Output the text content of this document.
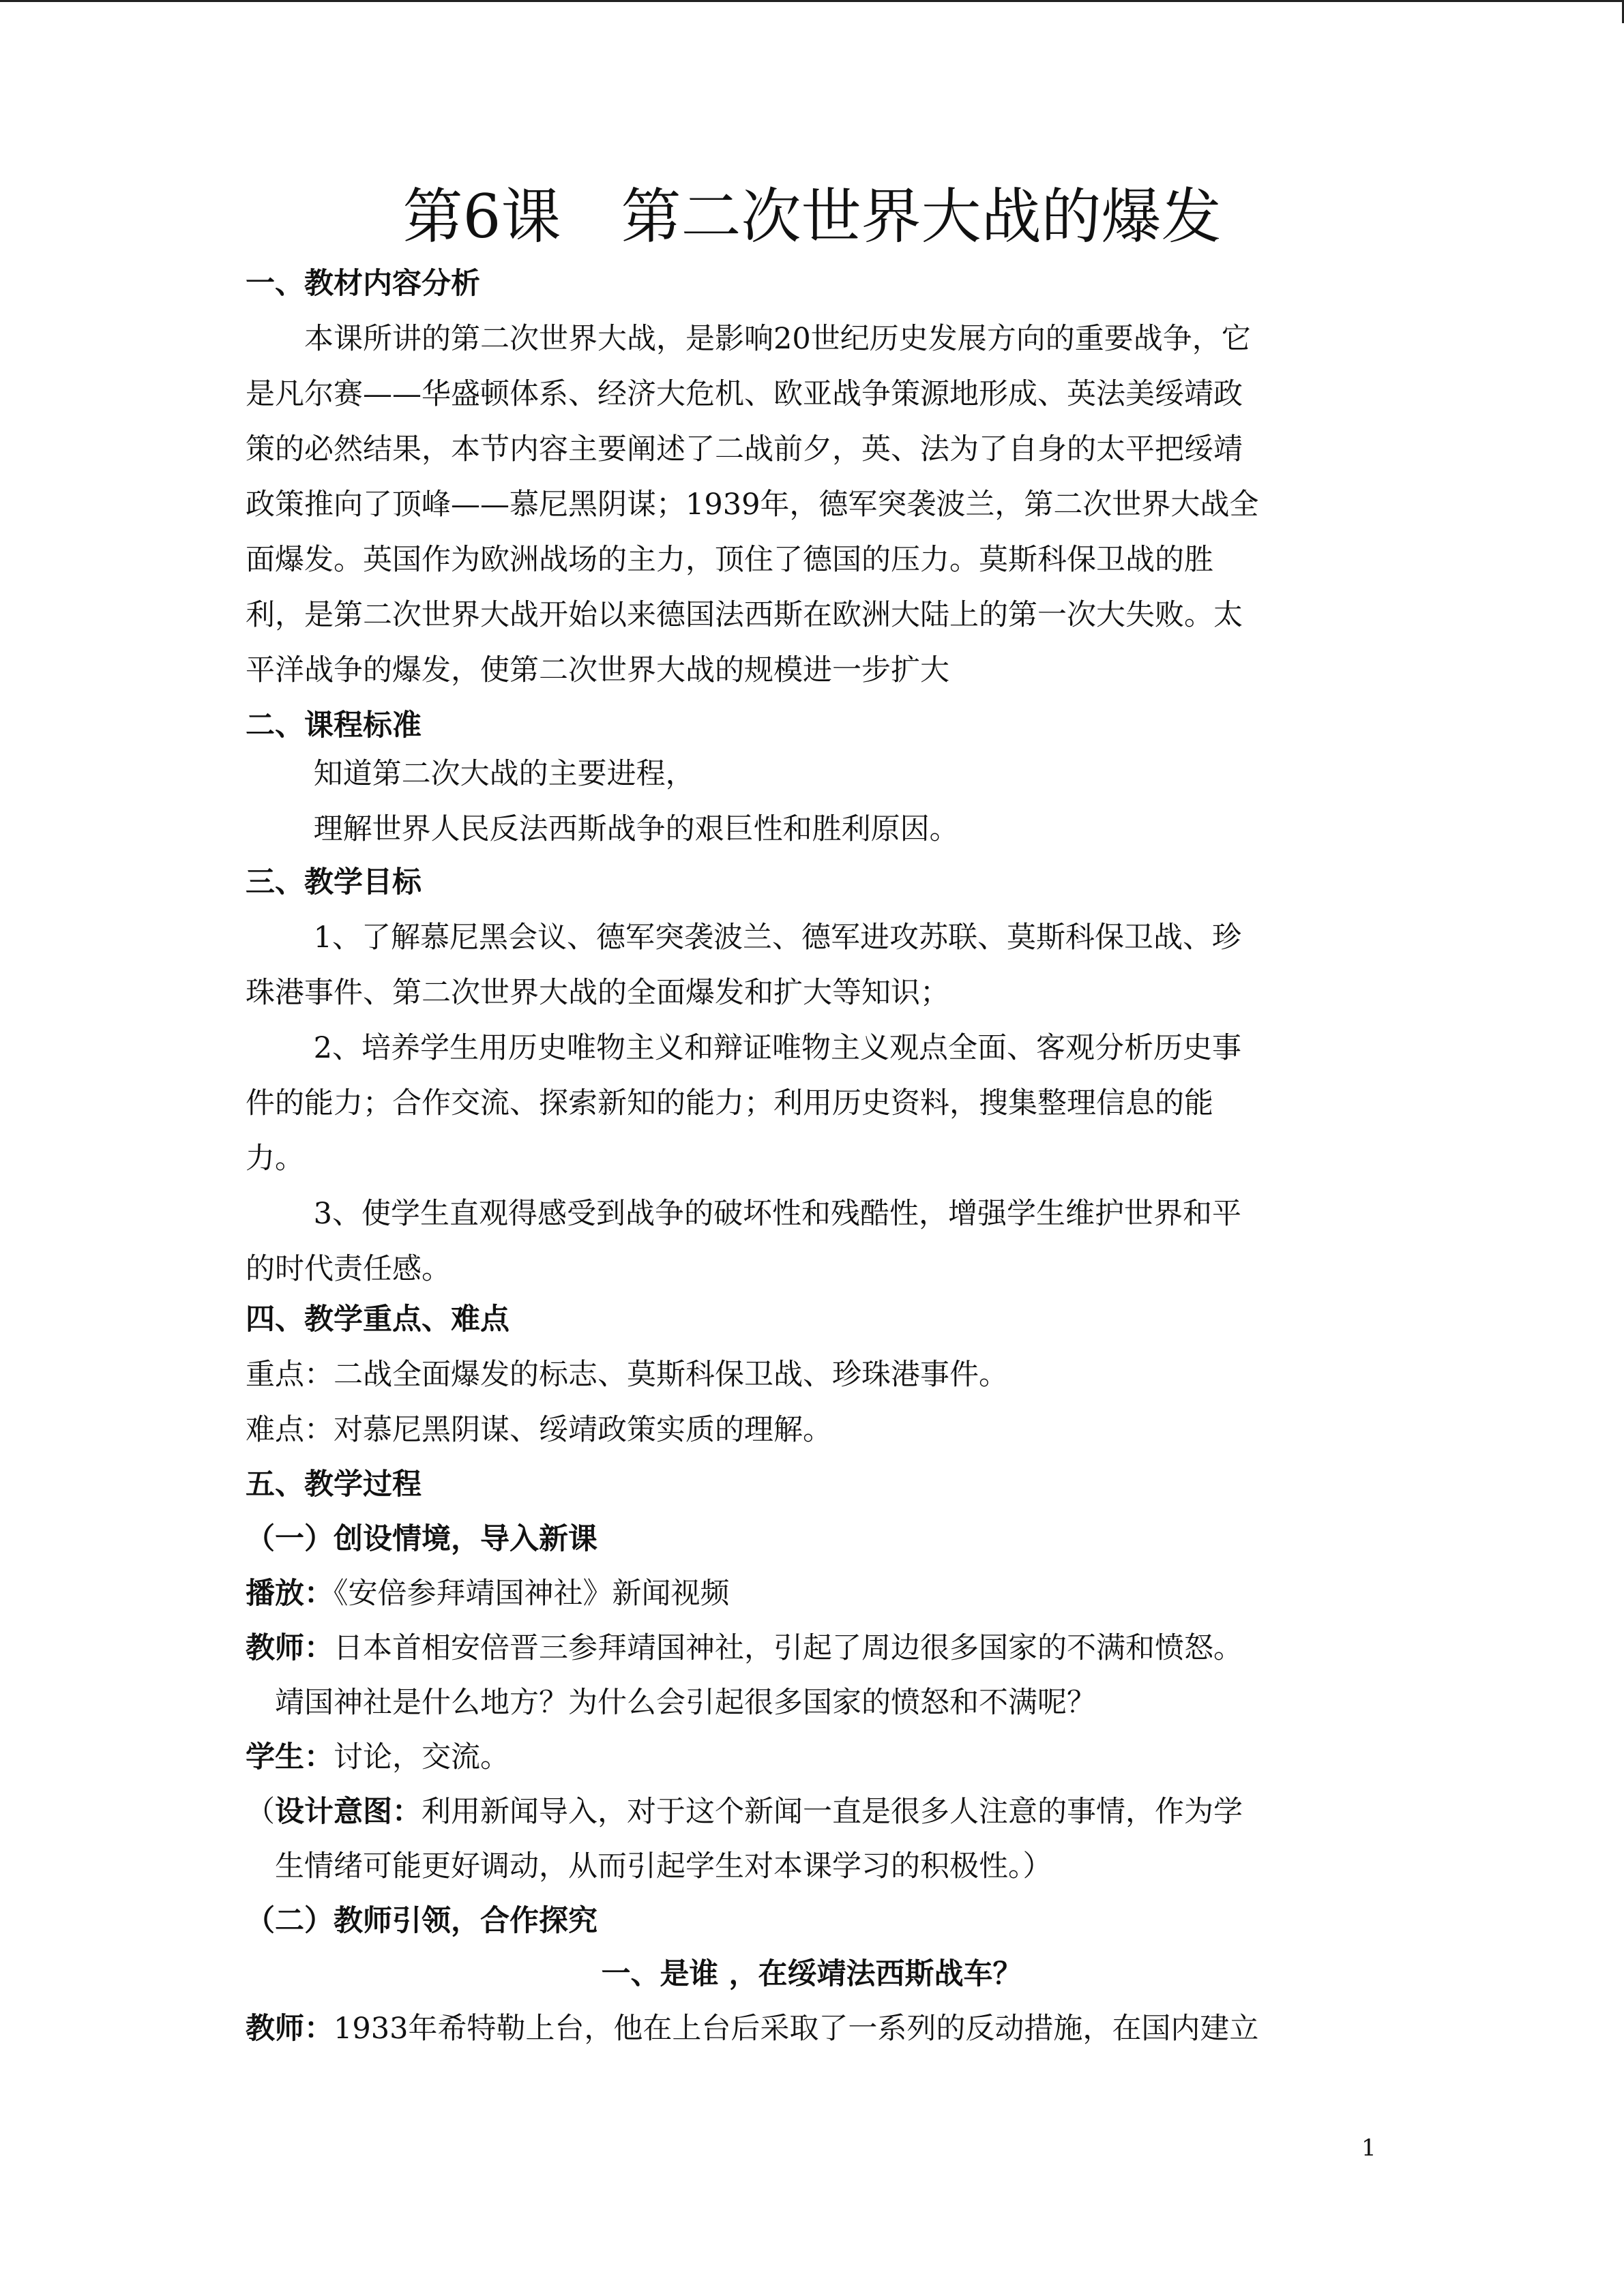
第6课　第二次世界大战的爆发
一、教材内容分析
　　本课所讲的第二次世界大战，是影响20世纪历史发展方向的重要战争，它
是凡尔赛——华盛顿体系、经济大危机、欧亚战争策源地形成、英法美绥靖政
策的必然结果，本节内容主要阐述了二战前夕，英、法为了自身的太平把绥靖
政策推向了顶峰——慕尼黑阴谋；1939年，德军突袭波兰，第二次世界大战全
面爆发。英国作为欧洲战场的主力，顶住了德国的压力。莫斯科保卫战的胜
利，是第二次世界大战开始以来德国法西斯在欧洲大陆上的第一次大失败。太
平洋战争的爆发，使第二次世界大战的规模进一步扩大
二、课程标准
　　 知道第二次大战的主要进程，
　　 理解世界人民反法西斯战争的艰巨性和胜利原因。
三、教学目标
　　 1、了解慕尼黑会议、德军突袭波兰、德军进攻苏联、莫斯科保卫战、珍
珠港事件、第二次世界大战的全面爆发和扩大等知识；
　　 2、培养学生用历史唯物主义和辩证唯物主义观点全面、客观分析历史事
件的能力；合作交流、探索新知的能力；利用历史资料，搜集整理信息的能
力。
　　 3、使学生直观得感受到战争的破坏性和残酷性，增强学生维护世界和平
的时代责任感。
四、教学重点、难点
重点：二战全面爆发的标志、莫斯科保卫战、珍珠港事件。
难点：对慕尼黑阴谋、绥靖政策实质的理解。
五、教学过程
（一）创设情境，导入新课
播放：《安倍参拜靖国神社》新闻视频
教师：日本首相安倍晋三参拜靖国神社，引起了周边很多国家的不满和愤怒。
　靖国神社是什么地方？为什么会引起很多国家的愤怒和不满呢？
学生：讨论，交流。
（设计意图：利用新闻导入，对于这个新闻一直是很多人注意的事情，作为学
　生情绪可能更好调动，从而引起学生对本课学习的积极性。）
（二）教师引领，合作探究
一、是谁 ，在绥靖法西斯战车？
教师：1933年希特勒上台，他在上台后采取了一系列的反动措施，在国内建立
1
